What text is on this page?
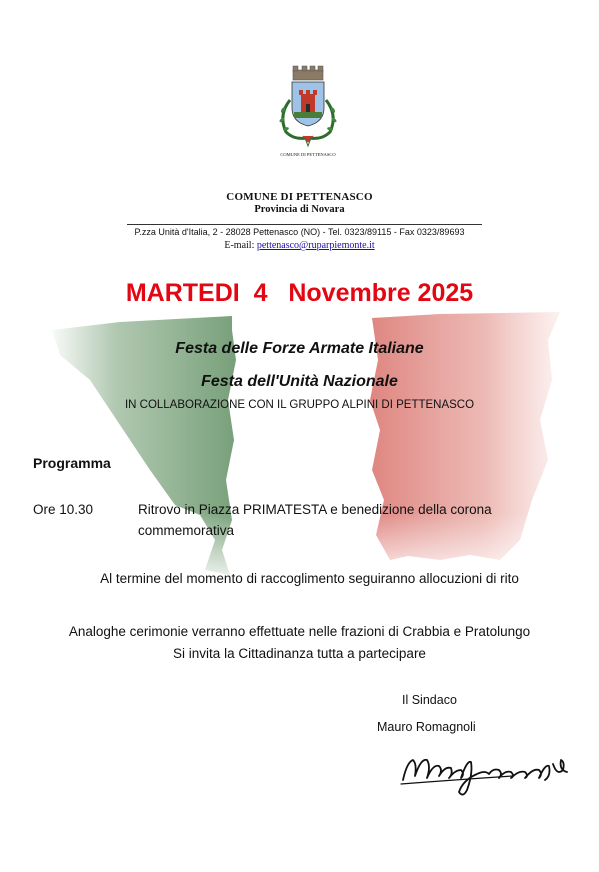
COMUNE DI PETTENASCO
COMUNE DI PETTENASCO
Provincia di Novara
P.zza Unità d'Italia, 2 - 28028 Pettenasco (NO) - Tel. 0323/89115 - Fax 0323/89693
E-mail: pettenasco@ruparpiemonte.it
MARTEDI  4   Novembre 2025
Festa delle Forze Armate Italiane
Festa dell'Unità Nazionale
IN COLLABORAZIONE CON IL GRUPPO ALPINI DI PETTENASCO
Programma
Ore 10.30	Ritrovo in Piazza PRIMATESTA e benedizione della corona
commemorativa
Al termine del momento di raccoglimento seguiranno allocuzioni di rito
Analoghe cerimonie verranno effettuate nelle frazioni di Crabbia e Pratolungo
Si invita la Cittadinanza tutta a partecipare
Il Sindaco
Mauro Romagnoli
